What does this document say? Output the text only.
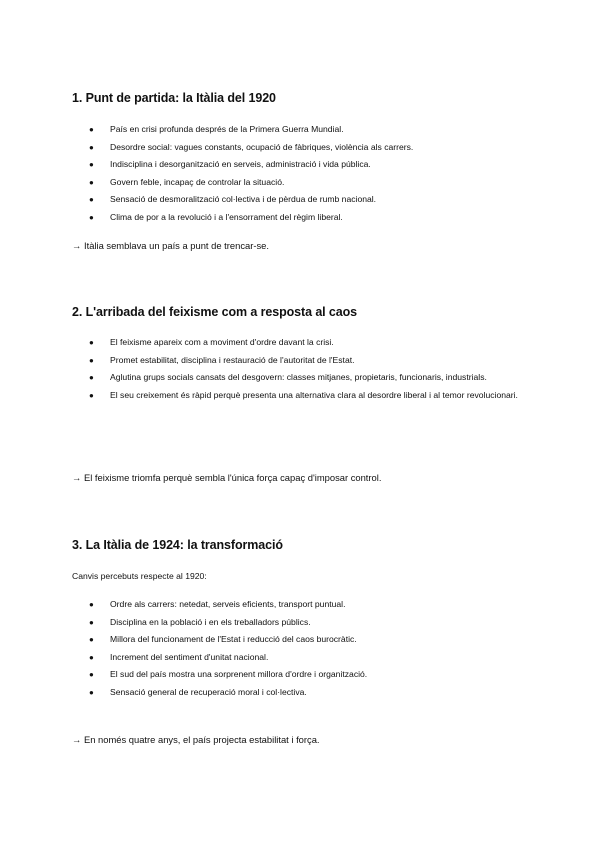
1. Punt de partida: la Itàlia del 1920
● País en crisi profunda després de la Primera Guerra Mundial.
● Desordre social: vagues constants, ocupació de fàbriques, violència als carrers.
● Indisciplina i desorganització en serveis, administració i vida pública.
● Govern feble, incapaç de controlar la situació.
● Sensació de desmoralització col·lectiva i de pèrdua de rumb nacional.
● Clima de por a la revolució i a l'ensorrament del règim liberal.
→ Itàlia semblava un país a punt de trencar-se.
2. L'arribada del feixisme com a resposta al caos
● El feixisme apareix com a moviment d'ordre davant la crisi.
● Promet estabilitat, disciplina i restauració de l'autoritat de l'Estat.
● Aglutina grups socials cansats del desgovern: classes mitjanes, propietaris, funcionaris, industrials.
● El seu creixement és ràpid perquè presenta una alternativa clara al desordre liberal i al temor revolucionari.
→ El feixisme triomfa perquè sembla l'única força capaç d'imposar control.
3. La Itàlia de 1924: la transformació
Canvis percebuts respecte al 1920:
● Ordre als carrers: netedat, serveis eficients, transport puntual.
● Disciplina en la població i en els treballadors públics.
● Millora del funcionament de l'Estat i reducció del caos burocràtic.
● Increment del sentiment d'unitat nacional.
● El sud del país mostra una sorprenent millora d'ordre i organització.
● Sensació general de recuperació moral i col·lectiva.
→ En només quatre anys, el país projecta estabilitat i força.
